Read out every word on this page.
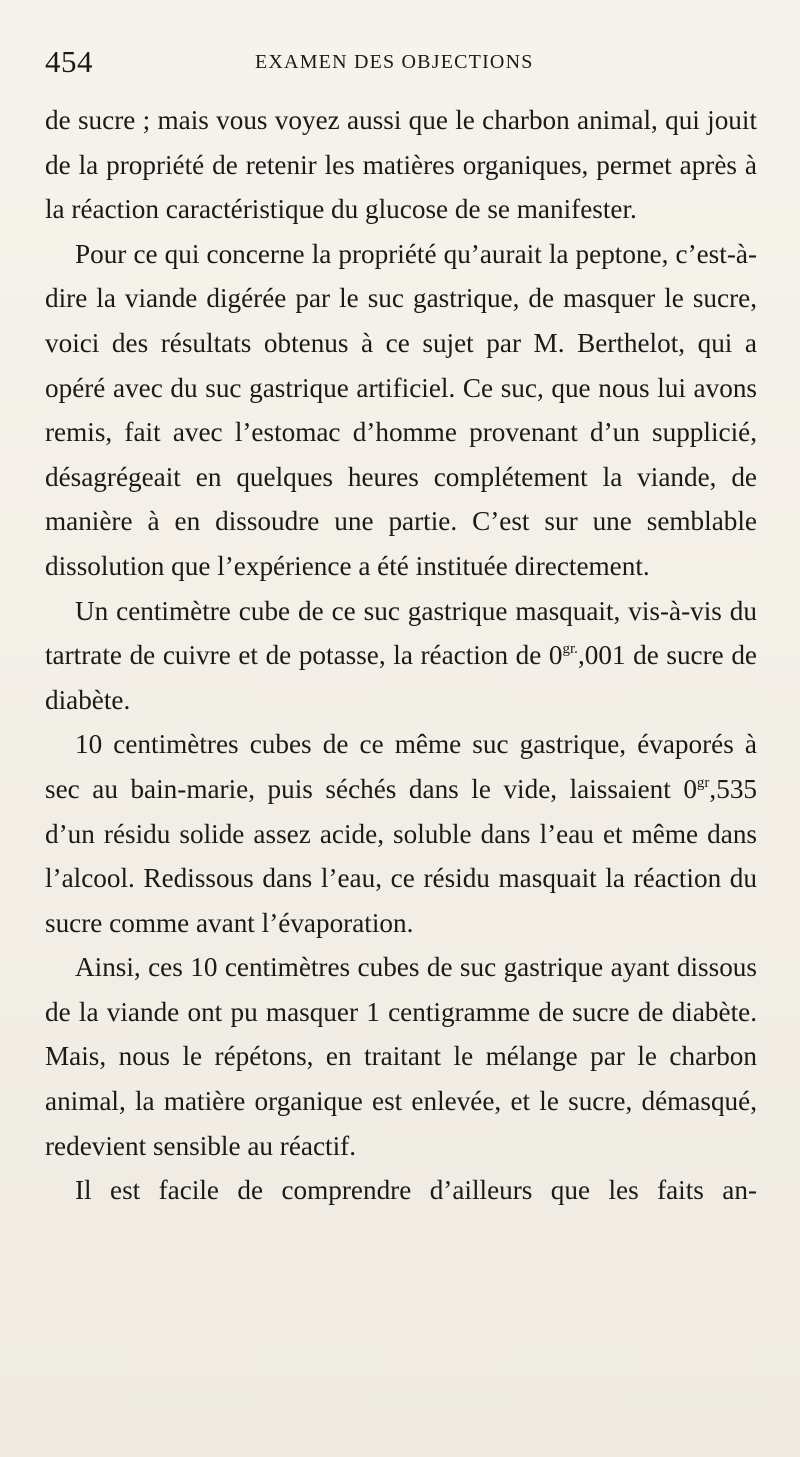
454	EXAMEN DES OBJECTIONS

de sucre ; mais vous voyez aussi que le charbon animal, qui jouit de la propriété de retenir les matières organiques, permet après à la réaction caractéristique du glucose de se manifester.

Pour ce qui concerne la propriété qu’aurait la peptone, c’est-à-dire la viande digérée par le suc gastrique, de masquer le sucre, voici des résultats obtenus à ce sujet par M. Berthelot, qui a opéré avec du suc gastrique artificiel. Ce suc, que nous lui avons remis, fait avec l’estomac d’homme provenant d’un supplicié, désagrégeait en quelques heures complétement la viande, de manière à en dissoudre une partie. C’est sur une semblable dissolution que l’expérience a été instituée directement.

Un centimètre cube de ce suc gastrique masquait, vis-à-vis du tartrate de cuivre et de potasse, la réaction de $0^{gr.},001$ de sucre de diabète.

10 centimètres cubes de ce même suc gastrique, évaporés à sec au bain-marie, puis séchés dans le vide, laissaient $0^{gr},535$ d’un résidu solide assez acide, soluble dans l’eau et même dans l’alcool. Redissous dans l’eau, ce résidu masquait la réaction du sucre comme avant l’évaporation.

Ainsi, ces 10 centimètres cubes de suc gastrique ayant dissous de la viande ont pu masquer 1 centigramme de sucre de diabète. Mais, nous le répétons, en traitant le mélange par le charbon animal, la matière organique est enlevée, et le sucre, démasqué, redevient sensible au réactif.

Il est facile de comprendre d’ailleurs que les faits an-
